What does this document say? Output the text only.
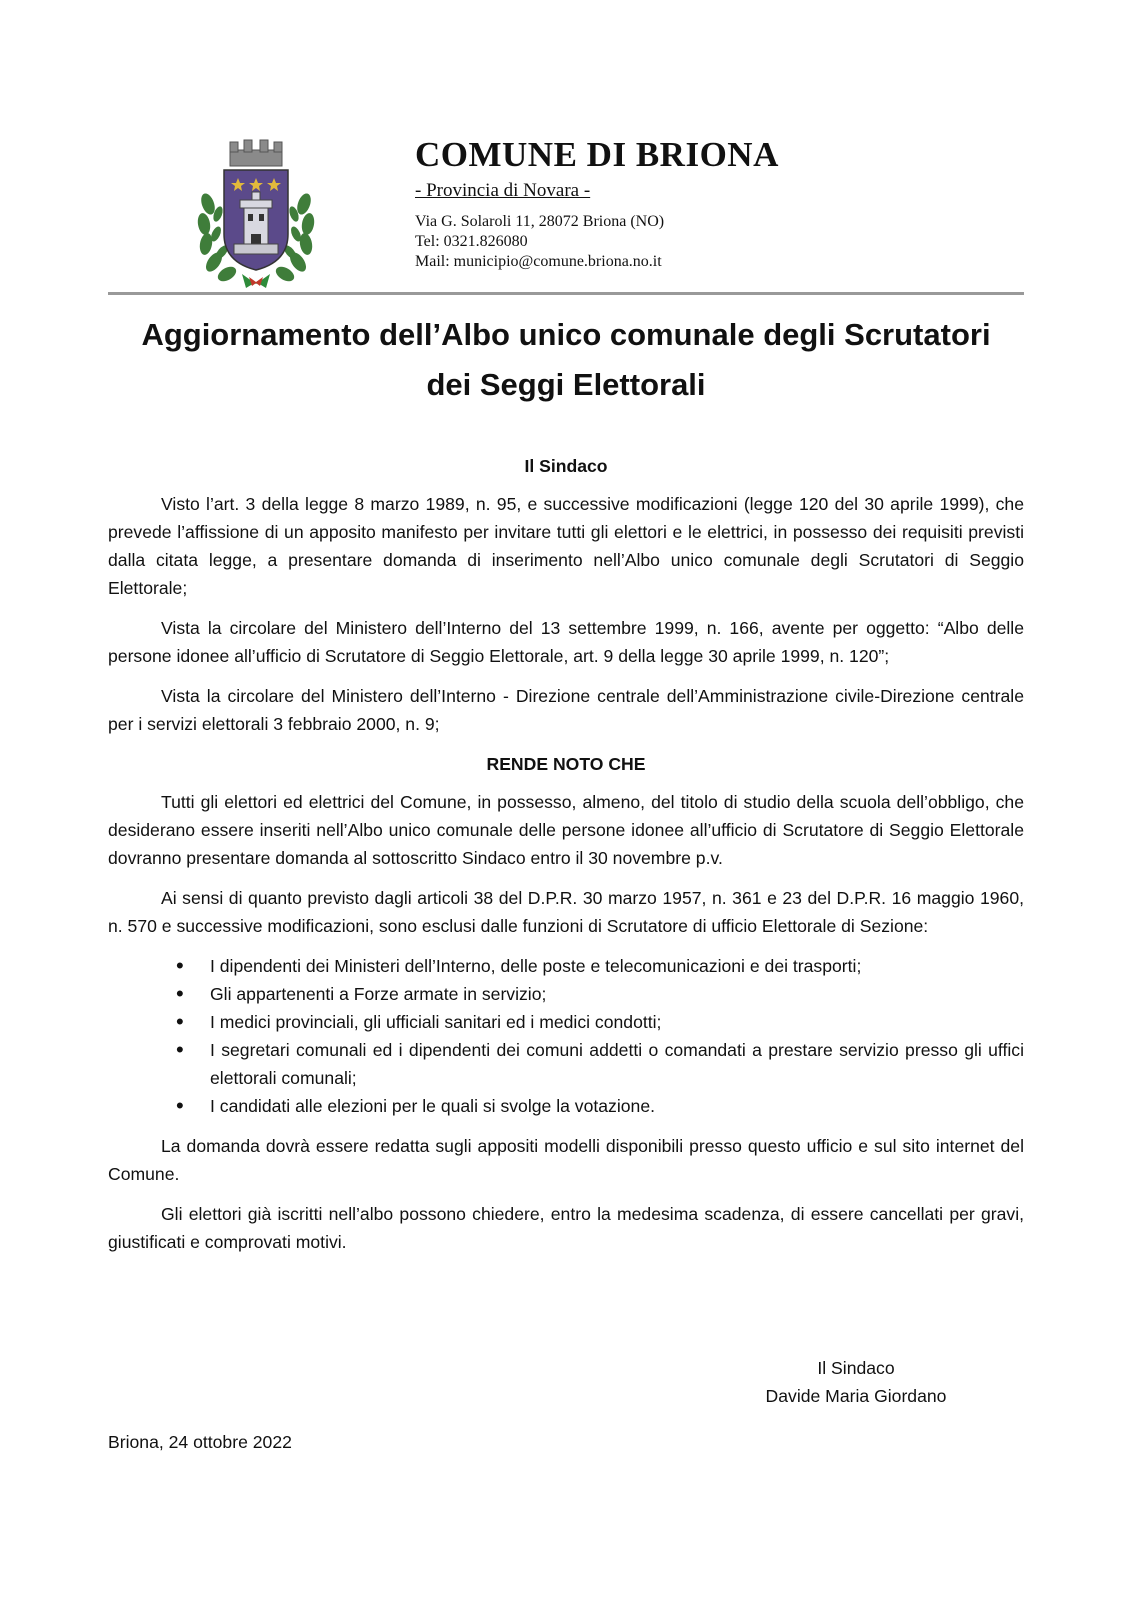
COMUNE DI BRIONA
- Provincia di Novara -

Via G. Solaroli 11, 28072 Briona (NO)

Tel: 0321.826080

Mail: municipio@comune.briona.no.it

Aggiornamento dell’Albo unico comunale degli Scrutatori
dei Seggi Elettorali

Il Sindaco

Visto l’art. 3 della legge 8 marzo 1989, n. 95, e successive modificazioni (legge 120 del 30 aprile 1999), che prevede l’affissione di un apposito manifesto per invitare tutti gli elettori e le elettrici, in possesso dei requisiti previsti dalla citata legge, a presentare domanda di inserimento nell’Albo unico comunale degli Scrutatori di Seggio Elettorale;

Vista la circolare del Ministero dell’Interno del 13 settembre 1999, n. 166, avente per oggetto: “Albo delle persone idonee all’ufficio di Scrutatore di Seggio Elettorale, art. 9 della legge 30 aprile 1999, n. 120”;

Vista la circolare del Ministero dell’Interno - Direzione centrale dell’Amministrazione civile-Direzione centrale per i servizi elettorali 3 febbraio 2000, n. 9;

RENDE NOTO CHE

Tutti gli elettori ed elettrici del Comune, in possesso, almeno, del titolo di studio della scuola dell’obbligo, che desiderano essere inseriti nell’Albo unico comunale delle persone idonee all’ufficio di Scrutatore di Seggio Elettorale dovranno presentare domanda al sottoscritto Sindaco entro il 30 novembre p.v.

Ai sensi di quanto previsto dagli articoli 38 del D.P.R. 30 marzo 1957, n. 361 e 23 del D.P.R. 16 maggio 1960, n. 570 e successive modificazioni, sono esclusi dalle funzioni di Scrutatore di ufficio Elettorale di Sezione:

• I dipendenti dei Ministeri dell’Interno, delle poste e telecomunicazioni e dei trasporti;
• Gli appartenenti a Forze armate in servizio;
• I medici provinciali, gli ufficiali sanitari ed i medici condotti;
• I segretari comunali ed i dipendenti dei comuni addetti o comandati a prestare servizio presso gli uffici elettorali comunali;
• I candidati alle elezioni per le quali si svolge la votazione.

La domanda dovrà essere redatta sugli appositi modelli disponibili presso questo ufficio e sul sito internet del Comune.

Gli elettori già iscritti nell’albo possono chiedere, entro la medesima scadenza, di essere cancellati per gravi, giustificati e comprovati motivi.

Il Sindaco
Davide Maria Giordano
Briona, 24 ottobre 2022
